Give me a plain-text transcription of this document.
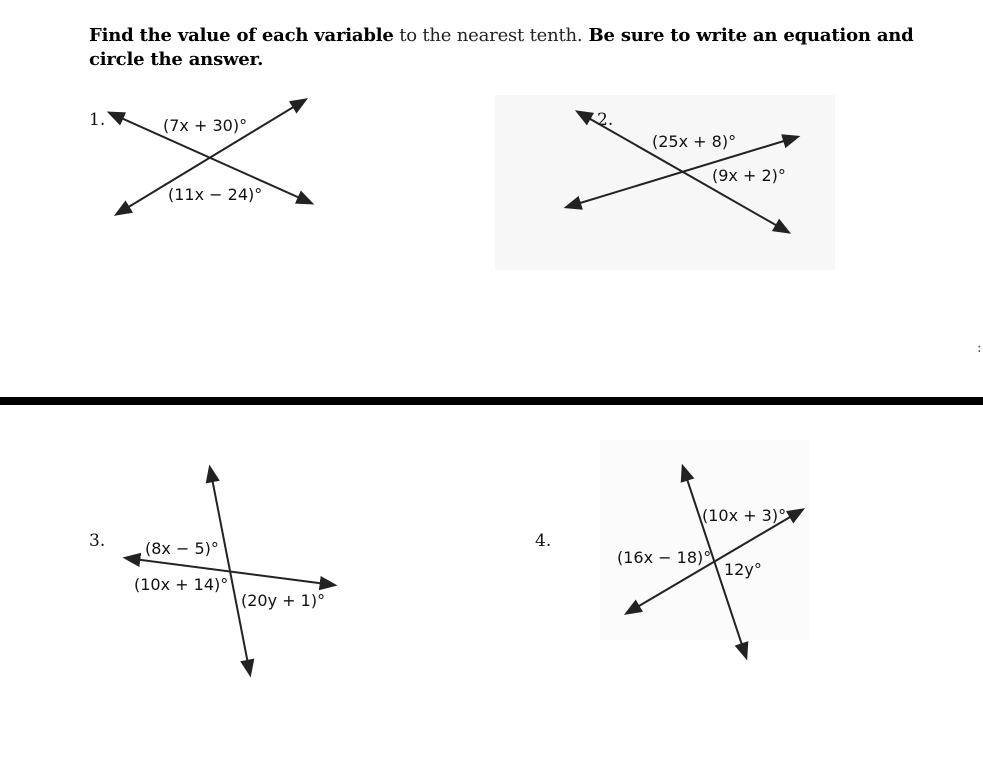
Find the value of each variable to the nearest tenth. Be sure to write an equation and circle the answer.
1.	2.
3.	4.
:
(7x + 30)°
(11x − 24)°
(25x + 8)°
(9x + 2)°
(8x − 5)°
(10x + 14)°
(20y + 1)°
(10x + 3)°
(16x − 18)°
12y°
